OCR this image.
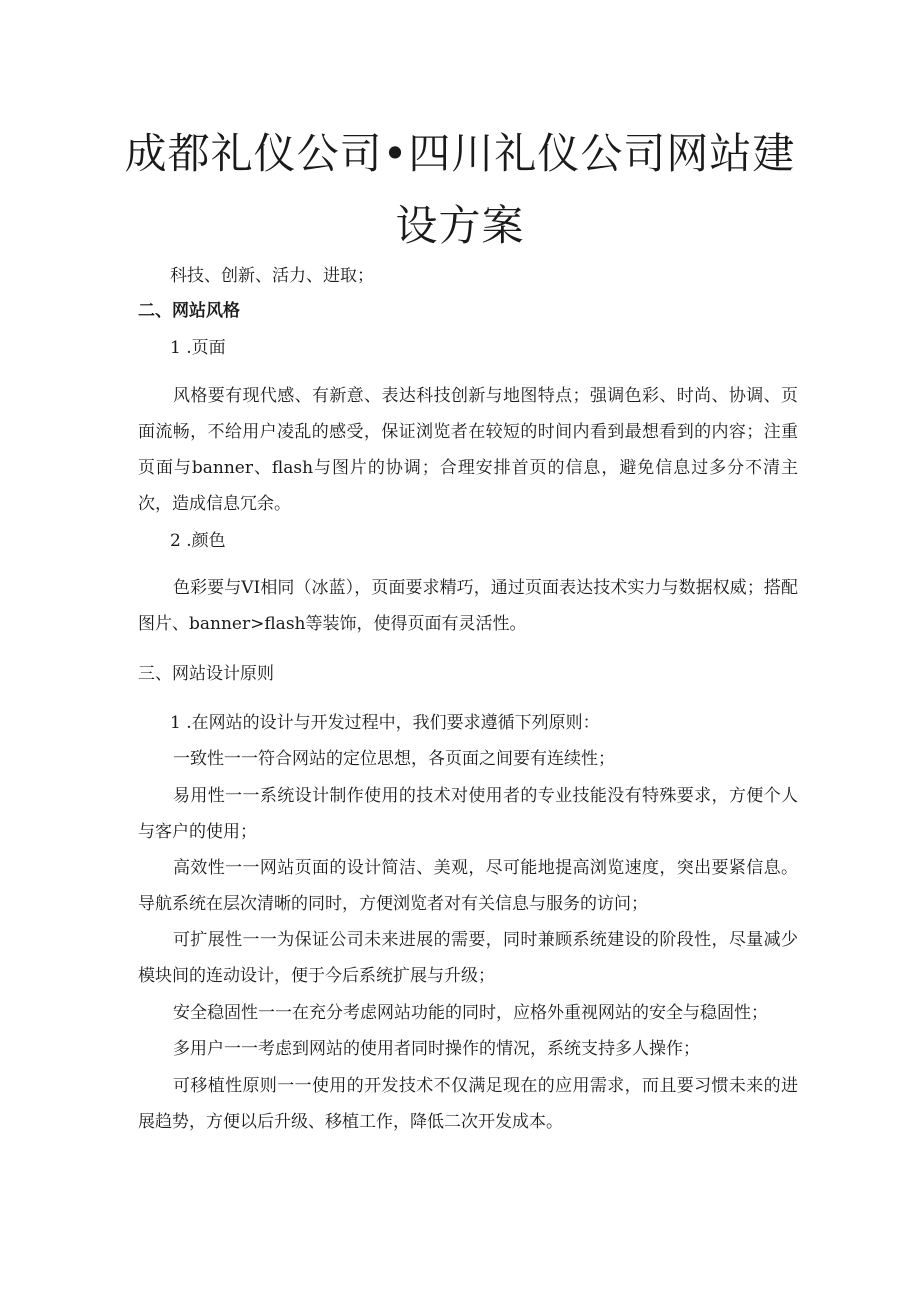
成都礼仪公司•四川礼仪公司网站建
设方案
科技、创新、活力、进取；
二、网站风格
1 .页面

风格要有现代感、有新意、表达科技创新与地图特点；强调色彩、时尚、协调、页面流畅，不给用户凌乱的感受，保证浏览者在较短的时间内看到最想看到的内容；注重页面与banner、flash与图片的协调；合理安排首页的信息，避免信息过多分不清主次，造成信息冗余。

2 .颜色

色彩要与VI相同（冰蓝），页面要求精巧，通过页面表达技术实力与数据权威；搭配图片、banner>flash等装饰，使得页面有灵活性。

三、网站设计原则
1 .在网站的设计与开发过程中，我们要求遵循下列原则：

一致性一一符合网站的定位思想，各页面之间要有连续性；

易用性一一系统设计制作使用的技术对使用者的专业技能没有特殊要求，方便个人与客户的使用；

高效性一一网站页面的设计简洁、美观，尽可能地提高浏览速度，突出要紧信息。导航系统在层次清晰的同时，方便浏览者对有关信息与服务的访问；

可扩展性一一为保证公司未来进展的需要，同时兼顾系统建设的阶段性，尽量减少模块间的连动设计，便于今后系统扩展与升级；

安全稳固性一一在充分考虑网站功能的同时，应格外重视网站的安全与稳固性；

多用户一一考虑到网站的使用者同时操作的情况，系统支持多人操作；

可移植性原则一一使用的开发技术不仅满足现在的应用需求，而且要习惯未来的进展趋势，方便以后升级、移植工作，降低二次开发成本。
